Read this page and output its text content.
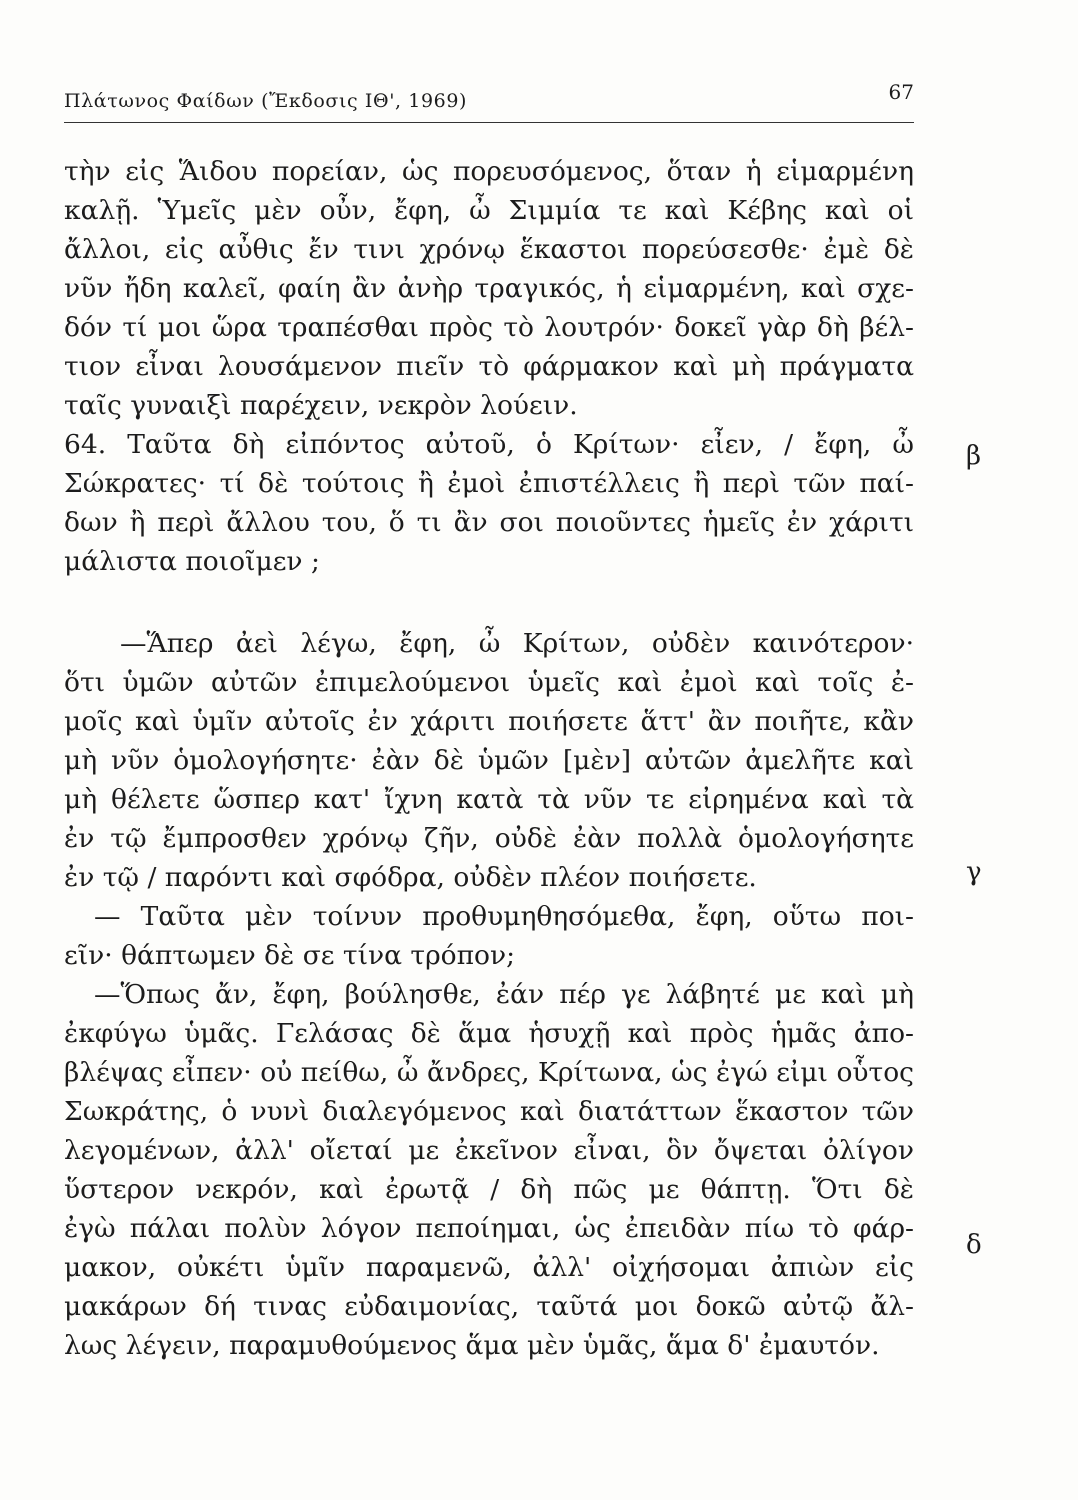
Πλάτωνος Φαίδων (Ἔκδοσις ΙΘ', 1969)	67
τὴν εἰς Ἅιδου πορείαν, ὡς πορευσόμενος, ὅταν ἡ εἱμαρμένη
καλῇ. Ὑμεῖς μὲν οὖν, ἔφη, ὦ Σιμμία τε καὶ Κέβης καὶ οἱ
ἄλλοι, εἰς αὖθις ἔν τινι χρόνῳ ἕκαστοι πορεύσεσθε· ἐμὲ δὲ
νῦν ἤδη καλεῖ, φαίη ἂν ἀνὴρ τραγικός, ἡ εἱμαρμένη, καὶ σχε-
δόν τί μοι ὥρα τραπέσθαι πρὸς τὸ λουτρόν· δοκεῖ γὰρ δὴ βέλ-
τιον εἶναι λουσάμενον πιεῖν τὸ φάρμακον καὶ μὴ πράγματα
ταῖς γυναιξὶ παρέχειν, νεκρὸν λούειν.
64. Ταῦτα δὴ εἰπόντος αὐτοῦ, ὁ Κρίτων· εἶεν, / ἔφη, ὦ
Σώκρατες· τί δὲ τούτοις ἢ ἐμοὶ ἐπιστέλλεις ἢ περὶ τῶν παί-
δων ἢ περὶ ἄλλου του, ὅ τι ἂν σοι ποιοῦντες ἡμεῖς ἐν χάριτι
μάλιστα ποιοῖμεν ;
—Ἅπερ ἀεὶ λέγω, ἔφη, ὦ Κρίτων, οὐδὲν καινότερον·
ὅτι ὑμῶν αὐτῶν ἐπιμελούμενοι ὑμεῖς καὶ ἐμοὶ καὶ τοῖς ἐ-
μοῖς καὶ ὑμῖν αὐτοῖς ἐν χάριτι ποιήσετε ἅττ' ἂν ποιῆτε, κἂν
μὴ νῦν ὁμολογήσητε· ἐὰν δὲ ὑμῶν [μὲν] αὐτῶν ἀμελῆτε καὶ
μὴ θέλετε ὥσπερ κατ' ἴχνη κατὰ τὰ νῦν τε εἰρημένα καὶ τὰ
ἐν τῷ ἔμπροσθεν χρόνῳ ζῆν, οὐδὲ ἐὰν πολλὰ ὁμολογήσητε
ἐν τῷ / παρόντι καὶ σφόδρα, οὐδὲν πλέον ποιήσετε.
— Ταῦτα μὲν τοίνυν προθυμηθησόμεθα, ἔφη, οὕτω ποι-
εῖν· θάπτωμεν δὲ σε τίνα τρόπον;
—Ὅπως ἄν, ἔφη, βούλησθε, ἐάν πέρ γε λάβητέ με καὶ μὴ
ἐκφύγω ὑμᾶς. Γελάσας δὲ ἅμα ἡσυχῇ καὶ πρὸς ἡμᾶς ἀπο-
βλέψας εἶπεν· οὐ πείθω, ὦ ἄνδρες, Κρίτωνα, ὡς ἐγώ εἰμι οὗτος
Σωκράτης, ὁ νυνὶ διαλεγόμενος καὶ διατάττων ἕκαστον τῶν
λεγομένων, ἀλλ' οἴεταί με ἐκεῖνον εἶναι, ὃν ὄψεται ὀλίγον
ὕστερον νεκρόν, καὶ ἐρωτᾷ / δὴ πῶς με θάπτῃ. Ὅτι δὲ
ἐγὼ πάλαι πολὺν λόγον πεποίημαι, ὡς ἐπειδὰν πίω τὸ φάρ-
μακον, οὐκέτι ὑμῖν παραμενῶ, ἀλλ' οἰχήσομαι ἀπιὼν εἰς
μακάρων δή τινας εὐδαιμονίας, ταῦτά μοι δοκῶ αὐτῷ ἄλ-
λως λέγειν, παραμυθούμενος ἅμα μὲν ὑμᾶς, ἅμα δ' ἐμαυτόν.
β
γ
δ
